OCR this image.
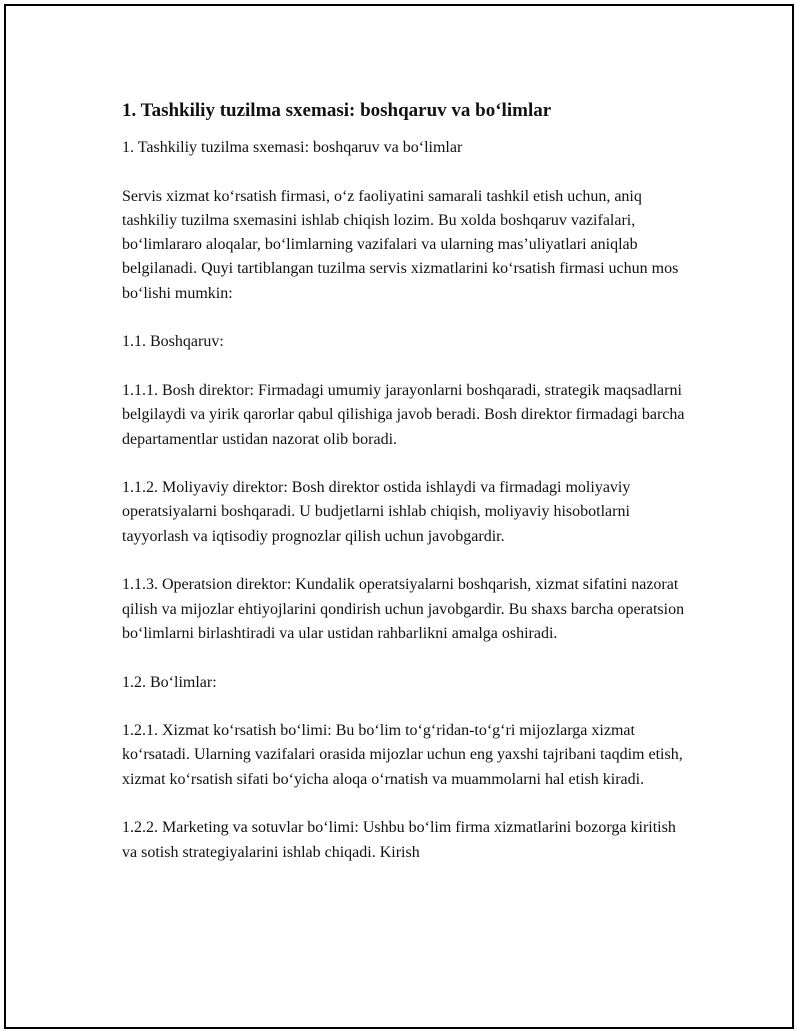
1. Tashkiliy tuzilma sxemasi: boshqaruv va bo‘limlar

1. Tashkiliy tuzilma sxemasi: boshqaruv va bo‘limlar

Servis xizmat ko‘rsatish firmasi, o‘z faoliyatini samarali tashkil etish uchun, aniq tashkiliy tuzilma sxemasini ishlab chiqish lozim. Bu xolda boshqaruv vazifalari, bo‘limlararo aloqalar, bo‘limlarning vazifalari va ularning mas’uliyatlari aniqlab belgilanadi. Quyi tartiblangan tuzilma servis xizmatlarini ko‘rsatish firmasi uchun mos bo‘lishi mumkin:

1.1. Boshqaruv:

1.1.1. Bosh direktor: Firmadagi umumiy jarayonlarni boshqaradi, strategik maqsadlarni belgilaydi va yirik qarorlar qabul qilishiga javob beradi. Bosh direktor firmadagi barcha departamentlar ustidan nazorat olib boradi.

1.1.2. Moliyaviy direktor: Bosh direktor ostida ishlaydi va firmadagi moliyaviy operatsiyalarni boshqaradi. U budjetlarni ishlab chiqish, moliyaviy hisobotlarni tayyorlash va iqtisodiy prognozlar qilish uchun javobgardir.

1.1.3. Operatsion direktor: Kundalik operatsiyalarni boshqarish, xizmat sifatini nazorat qilish va mijozlar ehtiyojlarini qondirish uchun javobgardir. Bu shaxs barcha operatsion bo‘limlarni birlashtiradi va ular ustidan rahbarlikni amalga oshiradi.

1.2. Bo‘limlar:

1.2.1. Xizmat ko‘rsatish bo‘limi: Bu bo‘lim to‘g‘ridan-to‘g‘ri mijozlarga xizmat ko‘rsatadi. Ularning vazifalari orasida mijozlar uchun eng yaxshi tajribani taqdim etish, xizmat ko‘rsatish sifati bo‘yicha aloqa o‘rnatish va muammolarni hal etish kiradi.

1.2.2. Marketing va sotuvlar bo‘limi: Ushbu bo‘lim firma xizmatlarini bozorga kiritish va sotish strategiyalarini ishlab chiqadi. Kirish
